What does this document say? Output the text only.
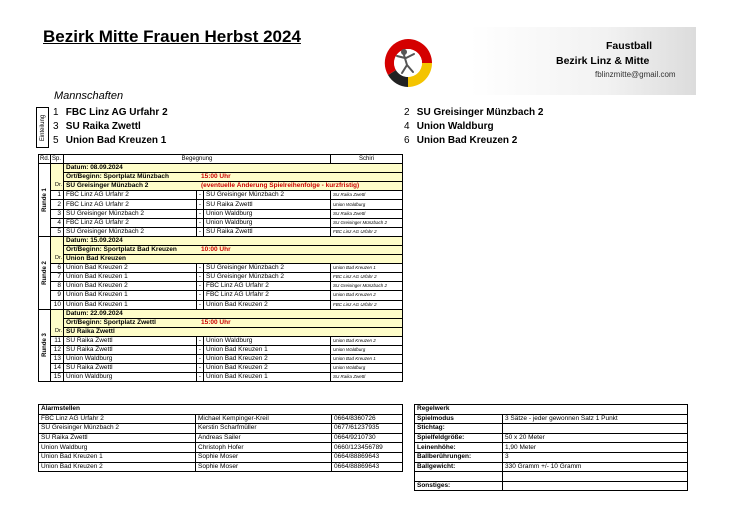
Bezirk Mitte Frauen Herbst 2024	Faustball
Bezirk Linz & Mitte
fblinzmitte@gmail.com
Mannschaften
Einteilung
1 FBC Linz AG Urfahr 2	2 SU Greisinger Münzbach 2
3 SU Raika Zwettl	4 Union Waldburg
5 Union Bad Kreuzen 1	6 Union Bad Kreuzen 2
Rd.	Sp.	Begegnung			Schiri

Runde 1	Dr.	Datum: 08.09.2024			
		Ort/Beginn: Sportplatz Münzbach 15:00 Uhr			
		SU Greisinger Münzbach 2 (eventuelle Änderung Spielreihenfolge - kurzfristig)			
	1	FBC Linz AG Urfahr 2	-	SU Greisinger Münzbach 2	SU Raika Zwettl
	2	FBC Linz AG Urfahr 2	-	SU Raika Zwettl	Union Waldburg
	3	SU Greisinger Münzbach 2	-	Union Waldburg	SU Raika Zwettl
	4	FBC Linz AG Urfahr 2	-	Union Waldburg	SU Greisinger Münzbach 2
	5	SU Greisinger Münzbach 2	-	SU Raika Zwettl	FBC Linz AG Urfahr 2

Runde 2	Dr.	Datum: 15.09.2024			
		Ort/Beginn: Sportplatz Bad Kreuzen 10:00 Uhr			
		Union Bad Kreuzen			
	6	Union Bad Kreuzen 2	-	SU Greisinger Münzbach 2	Union Bad Kreuzen 1
	7	Union Bad Kreuzen 1	-	SU Greisinger Münzbach 2	FBC Linz AG Urfahr 2
	8	Union Bad Kreuzen 2	-	FBC Linz AG Urfahr 2	SU Greisinger Münzbach 2
	9	Union Bad Kreuzen 1	-	FBC Linz AG Urfahr 2	Union Bad Kreuzen 2
	10	Union Bad Kreuzen 1	-	Union Bad Kreuzen 2	FBC Linz AG Urfahr 2

Runde 3	Dr.	Datum: 22.09.2024			
		Ort/Beginn: Sportplatz Zwettl 15:00 Uhr			
		SU Raika Zwettl			
	11	SU Raika Zwettl	-	Union Waldburg	Union Bad Kreuzen 2
	12	SU Raika Zwettl	-	Union Bad Kreuzen 1	Union Waldburg
	13	Union Waldburg	-	Union Bad Kreuzen 2	Union Bad Kreuzen 1
	14	SU Raika Zwettl	-	Union Bad Kreuzen 2	Union Waldburg
	15	Union Waldburg	-	Union Bad Kreuzen 1	SU Raika Zwettl
Alarmstellen		
FBC Linz AG Urfahr 2	Michael Kempinger-Kreil	0664/8360726
SU Greisinger Münzbach 2	Kerstin Scharfmüller	0677/61237935
SU Raika Zwettl	Andreas Sailer	0664/9210730
Union Waldburg	Christoph Hofer	0660/123456789
Union Bad Kreuzen 1	Sophie Moser	0664/88869643
Union Bad Kreuzen 2	Sophie Moser	0664/88869643
Regelwerk	
Spielmodus	3 Sätze - jeder gewonnen Satz 1 Punkt
Stichtag:	
Spielfeldgröße:	50 x 20 Meter
Leinenhöhe:	1,90 Meter
Ballberührungen:	3
Ballgewicht:	330 Gramm +/- 10 Gramm

Sonstiges:	
